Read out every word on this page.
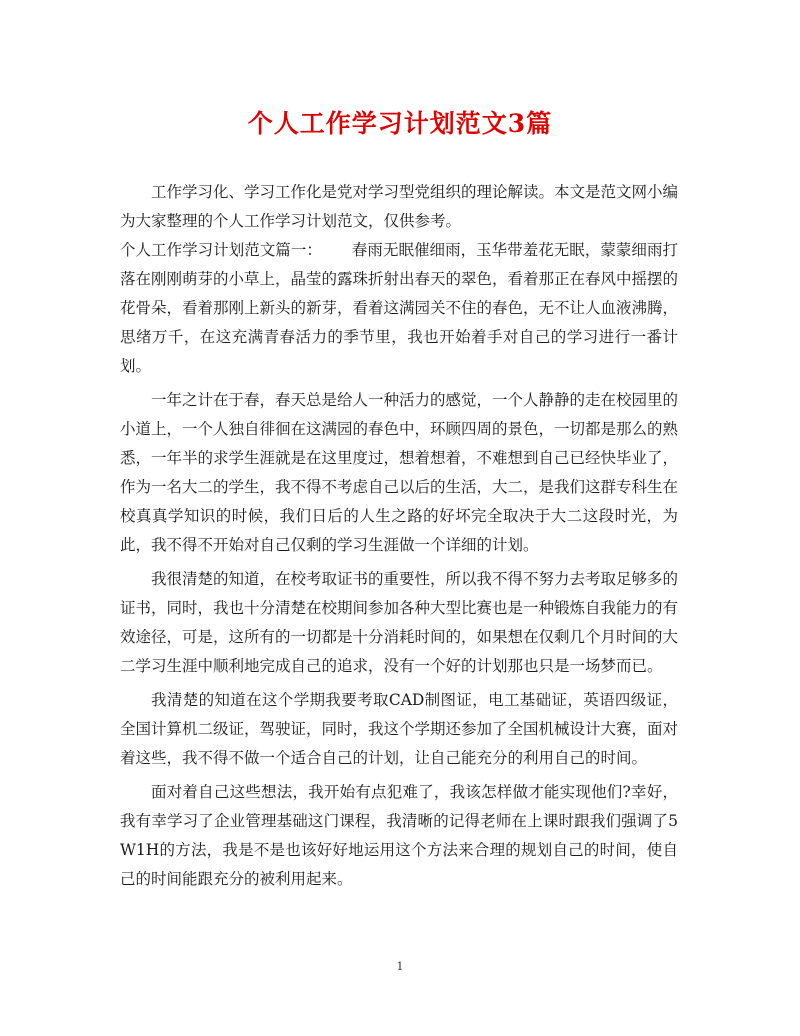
个人工作学习计划范文3篇

工作学习化、学习工作化是党对学习型党组织的理论解读。本文是范文网小编为大家整理的个人工作学习计划范文，仅供参考。

个人工作学习计划范文篇一： 春雨无眠催细雨，玉华带羞花无眠，蒙蒙细雨打落在刚刚萌芽的小草上，晶莹的露珠折射出春天的翠色，看着那正在春风中摇摆的花骨朵，看着那刚上新头的新芽，看着这满园关不住的春色，无不让人血液沸腾，思绪万千，在这充满青春活力的季节里，我也开始着手对自己的学习进行一番计划。

一年之计在于春，春天总是给人一种活力的感觉，一个人静静的走在校园里的小道上，一个人独自徘徊在这满园的春色中，环顾四周的景色，一切都是那么的熟悉，一年半的求学生涯就是在这里度过，想着想着，不难想到自己已经快毕业了，作为一名大二的学生，我不得不考虑自己以后的生活，大二，是我们这群专科生在校真真学知识的时候，我们日后的人生之路的好坏完全取决于大二这段时光，为此，我不得不开始对自己仅剩的学习生涯做一个详细的计划。

我很清楚的知道，在校考取证书的重要性，所以我不得不努力去考取足够多的证书，同时，我也十分清楚在校期间参加各种大型比赛也是一种锻炼自我能力的有效途径，可是，这所有的一切都是十分消耗时间的，如果想在仅剩几个月时间的大二学习生涯中顺利地完成自己的追求，没有一个好的计划那也只是一场梦而已。

我清楚的知道在这个学期我要考取CAD制图证，电工基础证，英语四级证，全国计算机二级证，驾驶证，同时，我这个学期还参加了全国机械设计大赛，面对着这些，我不得不做一个适合自己的计划，让自己能充分的利用自己的时间。

面对着自己这些想法，我开始有点犯难了，我该怎样做才能实现他们?幸好，我有幸学习了企业管理基础这门课程，我清晰的记得老师在上课时跟我们强调了5W1H的方法，我是不是也该好好地运用这个方法来合理的规划自己的时间，使自己的时间能跟充分的被利用起来。

1
